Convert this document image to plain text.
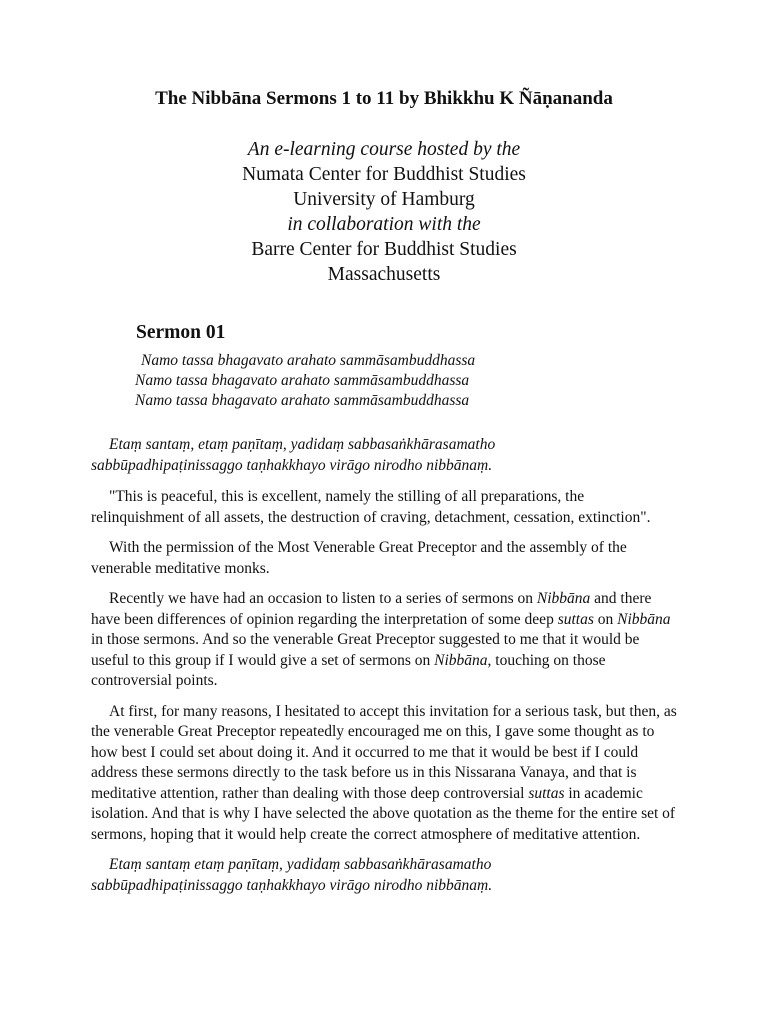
The Nibbāna Sermons 1 to 11 by Bhikkhu K Ñāṇananda
An e-learning course hosted by the
Numata Center for Buddhist Studies
University of Hamburg
in collaboration with the
Barre Center for Buddhist Studies
Massachusetts
Sermon 01
Namo tassa bhagavato arahato sammāsambuddhassa
Namo tassa bhagavato arahato sammāsambuddhassa
Namo tassa bhagavato arahato sammāsambuddhassa
Etaṃ santaṃ, etaṃ paṇītaṃ, yadidaṃ sabbasaṅkhārasamatho
sabbūpadhipaṭinissaggo taṇhakkhayo virāgo nirodho nibbānaṃ.

"This is peaceful, this is excellent, namely the stilling of all preparations, the relinquishment of all assets, the destruction of craving, detachment, cessation, extinction".

With the permission of the Most Venerable Great Preceptor and the assembly of the venerable meditative monks.

Recently we have had an occasion to listen to a series of sermons on Nibbāna and there have been differences of opinion regarding the interpretation of some deep suttas on Nibbāna in those sermons. And so the venerable Great Preceptor suggested to me that it would be useful to this group if I would give a set of sermons on Nibbāna, touching on those controversial points.

At first, for many reasons, I hesitated to accept this invitation for a serious task, but then, as the venerable Great Preceptor repeatedly encouraged me on this, I gave some thought as to how best I could set about doing it. And it occurred to me that it would be best if I could address these sermons directly to the task before us in this Nissarana Vanaya, and that is meditative attention, rather than dealing with those deep controversial suttas in academic isolation. And that is why I have selected the above quotation as the theme for the entire set of sermons, hoping that it would help create the correct atmosphere of meditative attention.

Etaṃ santaṃ etaṃ paṇītaṃ, yadidaṃ sabbasaṅkhārasamatho
sabbūpadhipaṭinissaggo taṇhakkhayo virāgo nirodho nibbānaṃ.
